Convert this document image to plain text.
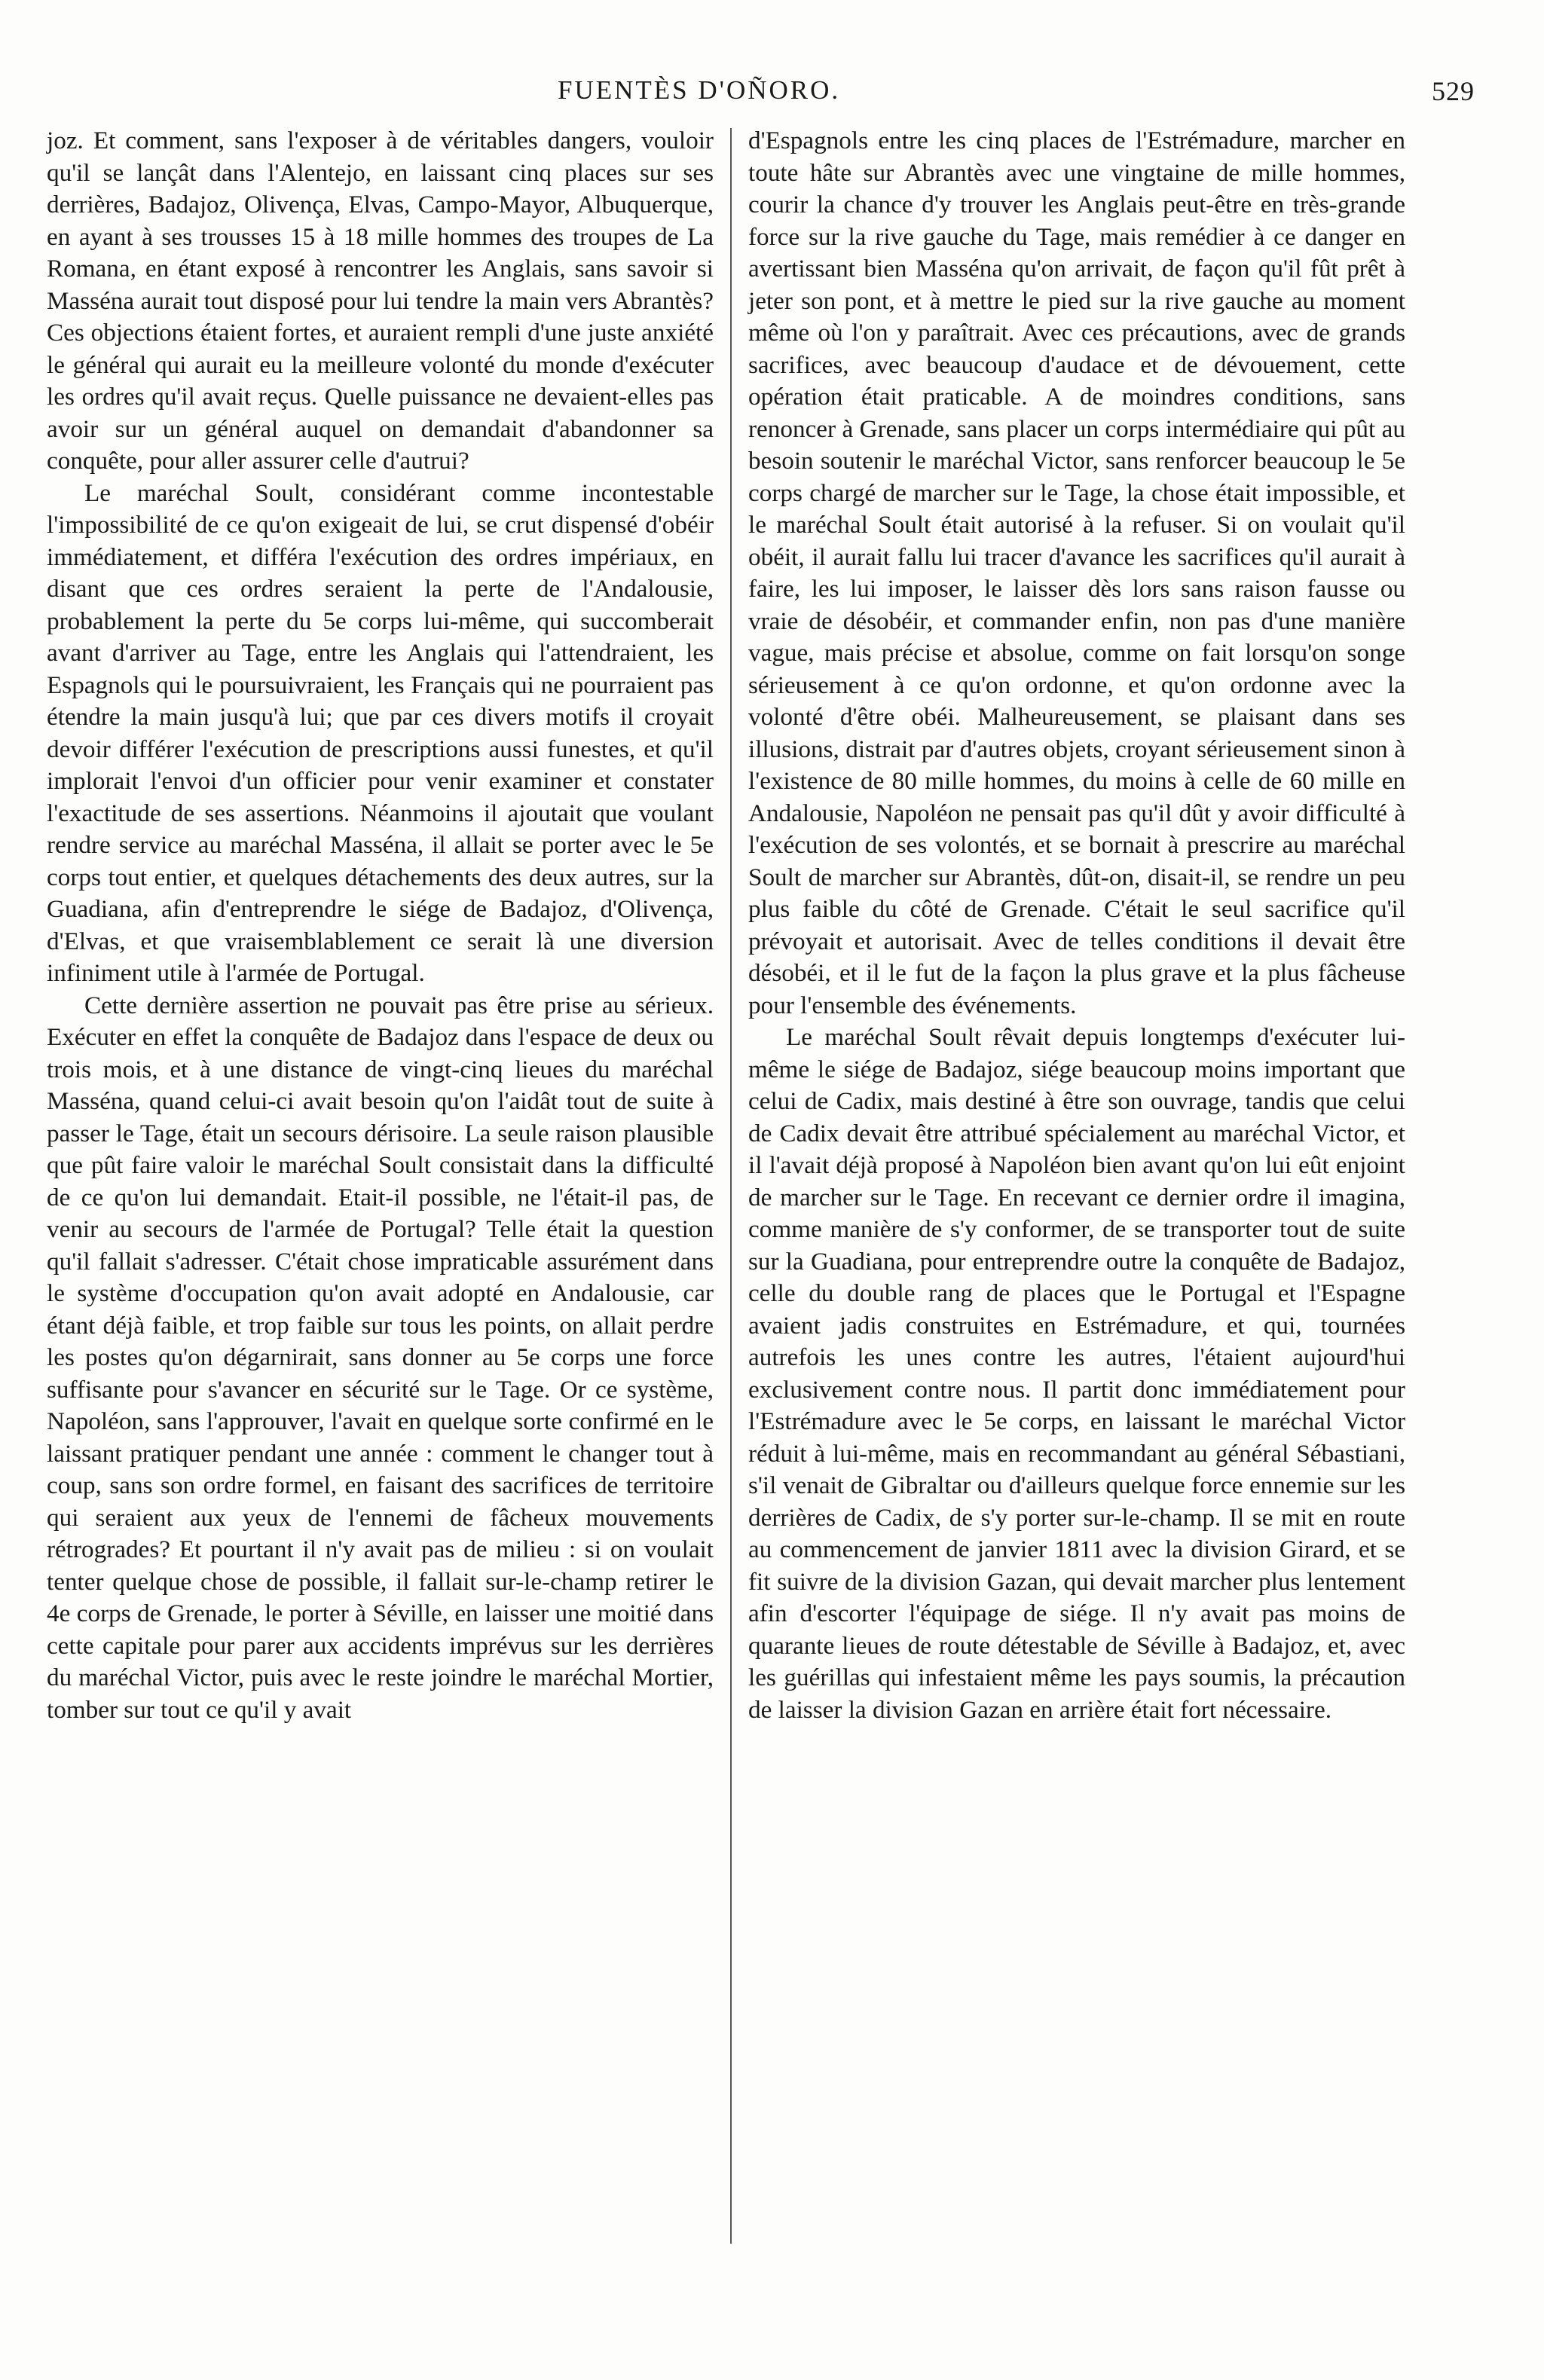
FUENTÈS D'OÑORO.	529

joz. Et comment, sans l'exposer à de véritables dangers, vouloir qu'il se lançât dans l'Alentejo, en laissant cinq places sur ses derrières, Badajoz, Olivença, Elvas, Campo-Mayor, Albuquerque, en ayant à ses trousses 15 à 18 mille hommes des troupes de La Romana, en étant exposé à rencontrer les Anglais, sans savoir si Masséna aurait tout disposé pour lui tendre la main vers Abrantès? Ces objections étaient fortes, et auraient rempli d'une juste anxiété le général qui aurait eu la meilleure volonté du monde d'exécuter les ordres qu'il avait reçus. Quelle puissance ne devaient-elles pas avoir sur un général auquel on demandait d'abandonner sa conquête, pour aller assurer celle d'autrui?

Le maréchal Soult, considérant comme incontestable l'impossibilité de ce qu'on exigeait de lui, se crut dispensé d'obéir immédiatement, et différa l'exécution des ordres impériaux, en disant que ces ordres seraient la perte de l'Andalousie, probablement la perte du 5e corps lui-même, qui succomberait avant d'arriver au Tage, entre les Anglais qui l'attendraient, les Espagnols qui le poursuivraient, les Français qui ne pourraient pas étendre la main jusqu'à lui; que par ces divers motifs il croyait devoir différer l'exécution de prescriptions aussi funestes, et qu'il implorait l'envoi d'un officier pour venir examiner et constater l'exactitude de ses assertions. Néanmoins il ajoutait que voulant rendre service au maréchal Masséna, il allait se porter avec le 5e corps tout entier, et quelques détachements des deux autres, sur la Guadiana, afin d'entreprendre le siége de Badajoz, d'Olivença, d'Elvas, et que vraisemblablement ce serait là une diversion infiniment utile à l'armée de Portugal.

Cette dernière assertion ne pouvait pas être prise au sérieux. Exécuter en effet la conquête de Badajoz dans l'espace de deux ou trois mois, et à une distance de vingt-cinq lieues du maréchal Masséna, quand celui-ci avait besoin qu'on l'aidât tout de suite à passer le Tage, était un secours dérisoire. La seule raison plausible que pût faire valoir le maréchal Soult consistait dans la difficulté de ce qu'on lui demandait. Etait-il possible, ne l'était-il pas, de venir au secours de l'armée de Portugal? Telle était la question qu'il fallait s'adresser. C'était chose impraticable assurément dans le système d'occupation qu'on avait adopté en Andalousie, car étant déjà faible, et trop faible sur tous les points, on allait perdre les postes qu'on dégarnirait, sans donner au 5e corps une force suffisante pour s'avancer en sécurité sur le Tage. Or ce système, Napoléon, sans l'approuver, l'avait en quelque sorte confirmé en le laissant pratiquer pendant une année : comment le changer tout à coup, sans son ordre formel, en faisant des sacrifices de territoire qui seraient aux yeux de l'ennemi de fâcheux mouvements rétrogrades? Et pourtant il n'y avait pas de milieu : si on voulait tenter quelque chose de possible, il fallait sur-le-champ retirer le 4e corps de Grenade, le porter à Séville, en laisser une moitié dans cette capitale pour parer aux accidents imprévus sur les derrières du maréchal Victor, puis avec le reste joindre le maréchal Mortier, tomber sur tout ce qu'il y avait

d'Espagnols entre les cinq places de l'Estrémadure, marcher en toute hâte sur Abrantès avec une vingtaine de mille hommes, courir la chance d'y trouver les Anglais peut-être en très-grande force sur la rive gauche du Tage, mais remédier à ce danger en avertissant bien Masséna qu'on arrivait, de façon qu'il fût prêt à jeter son pont, et à mettre le pied sur la rive gauche au moment même où l'on y paraîtrait. Avec ces précautions, avec de grands sacrifices, avec beaucoup d'audace et de dévouement, cette opération était praticable. A de moindres conditions, sans renoncer à Grenade, sans placer un corps intermédiaire qui pût au besoin soutenir le maréchal Victor, sans renforcer beaucoup le 5e corps chargé de marcher sur le Tage, la chose était impossible, et le maréchal Soult était autorisé à la refuser. Si on voulait qu'il obéit, il aurait fallu lui tracer d'avance les sacrifices qu'il aurait à faire, les lui imposer, le laisser dès lors sans raison fausse ou vraie de désobéir, et commander enfin, non pas d'une manière vague, mais précise et absolue, comme on fait lorsqu'on songe sérieusement à ce qu'on ordonne, et qu'on ordonne avec la volonté d'être obéi. Malheureusement, se plaisant dans ses illusions, distrait par d'autres objets, croyant sérieusement sinon à l'existence de 80 mille hommes, du moins à celle de 60 mille en Andalousie, Napoléon ne pensait pas qu'il dût y avoir difficulté à l'exécution de ses volontés, et se bornait à prescrire au maréchal Soult de marcher sur Abrantès, dût-on, disait-il, se rendre un peu plus faible du côté de Grenade. C'était le seul sacrifice qu'il prévoyait et autorisait. Avec de telles conditions il devait être désobéi, et il le fut de la façon la plus grave et la plus fâcheuse pour l'ensemble des événements.

Le maréchal Soult rêvait depuis longtemps d'exécuter lui-même le siége de Badajoz, siége beaucoup moins important que celui de Cadix, mais destiné à être son ouvrage, tandis que celui de Cadix devait être attribué spécialement au maréchal Victor, et il l'avait déjà proposé à Napoléon bien avant qu'on lui eût enjoint de marcher sur le Tage. En recevant ce dernier ordre il imagina, comme manière de s'y conformer, de se transporter tout de suite sur la Guadiana, pour entreprendre outre la conquête de Badajoz, celle du double rang de places que le Portugal et l'Espagne avaient jadis construites en Estrémadure, et qui, tournées autrefois les unes contre les autres, l'étaient aujourd'hui exclusivement contre nous. Il partit donc immédiatement pour l'Estrémadure avec le 5e corps, en laissant le maréchal Victor réduit à lui-même, mais en recommandant au général Sébastiani, s'il venait de Gibraltar ou d'ailleurs quelque force ennemie sur les derrières de Cadix, de s'y porter sur-le-champ. Il se mit en route au commencement de janvier 1811 avec la division Girard, et se fit suivre de la division Gazan, qui devait marcher plus lentement afin d'escorter l'équipage de siége. Il n'y avait pas moins de quarante lieues de route détestable de Séville à Badajoz, et, avec les guérillas qui infestaient même les pays soumis, la précaution de laisser la division Gazan en arrière était fort nécessaire.
